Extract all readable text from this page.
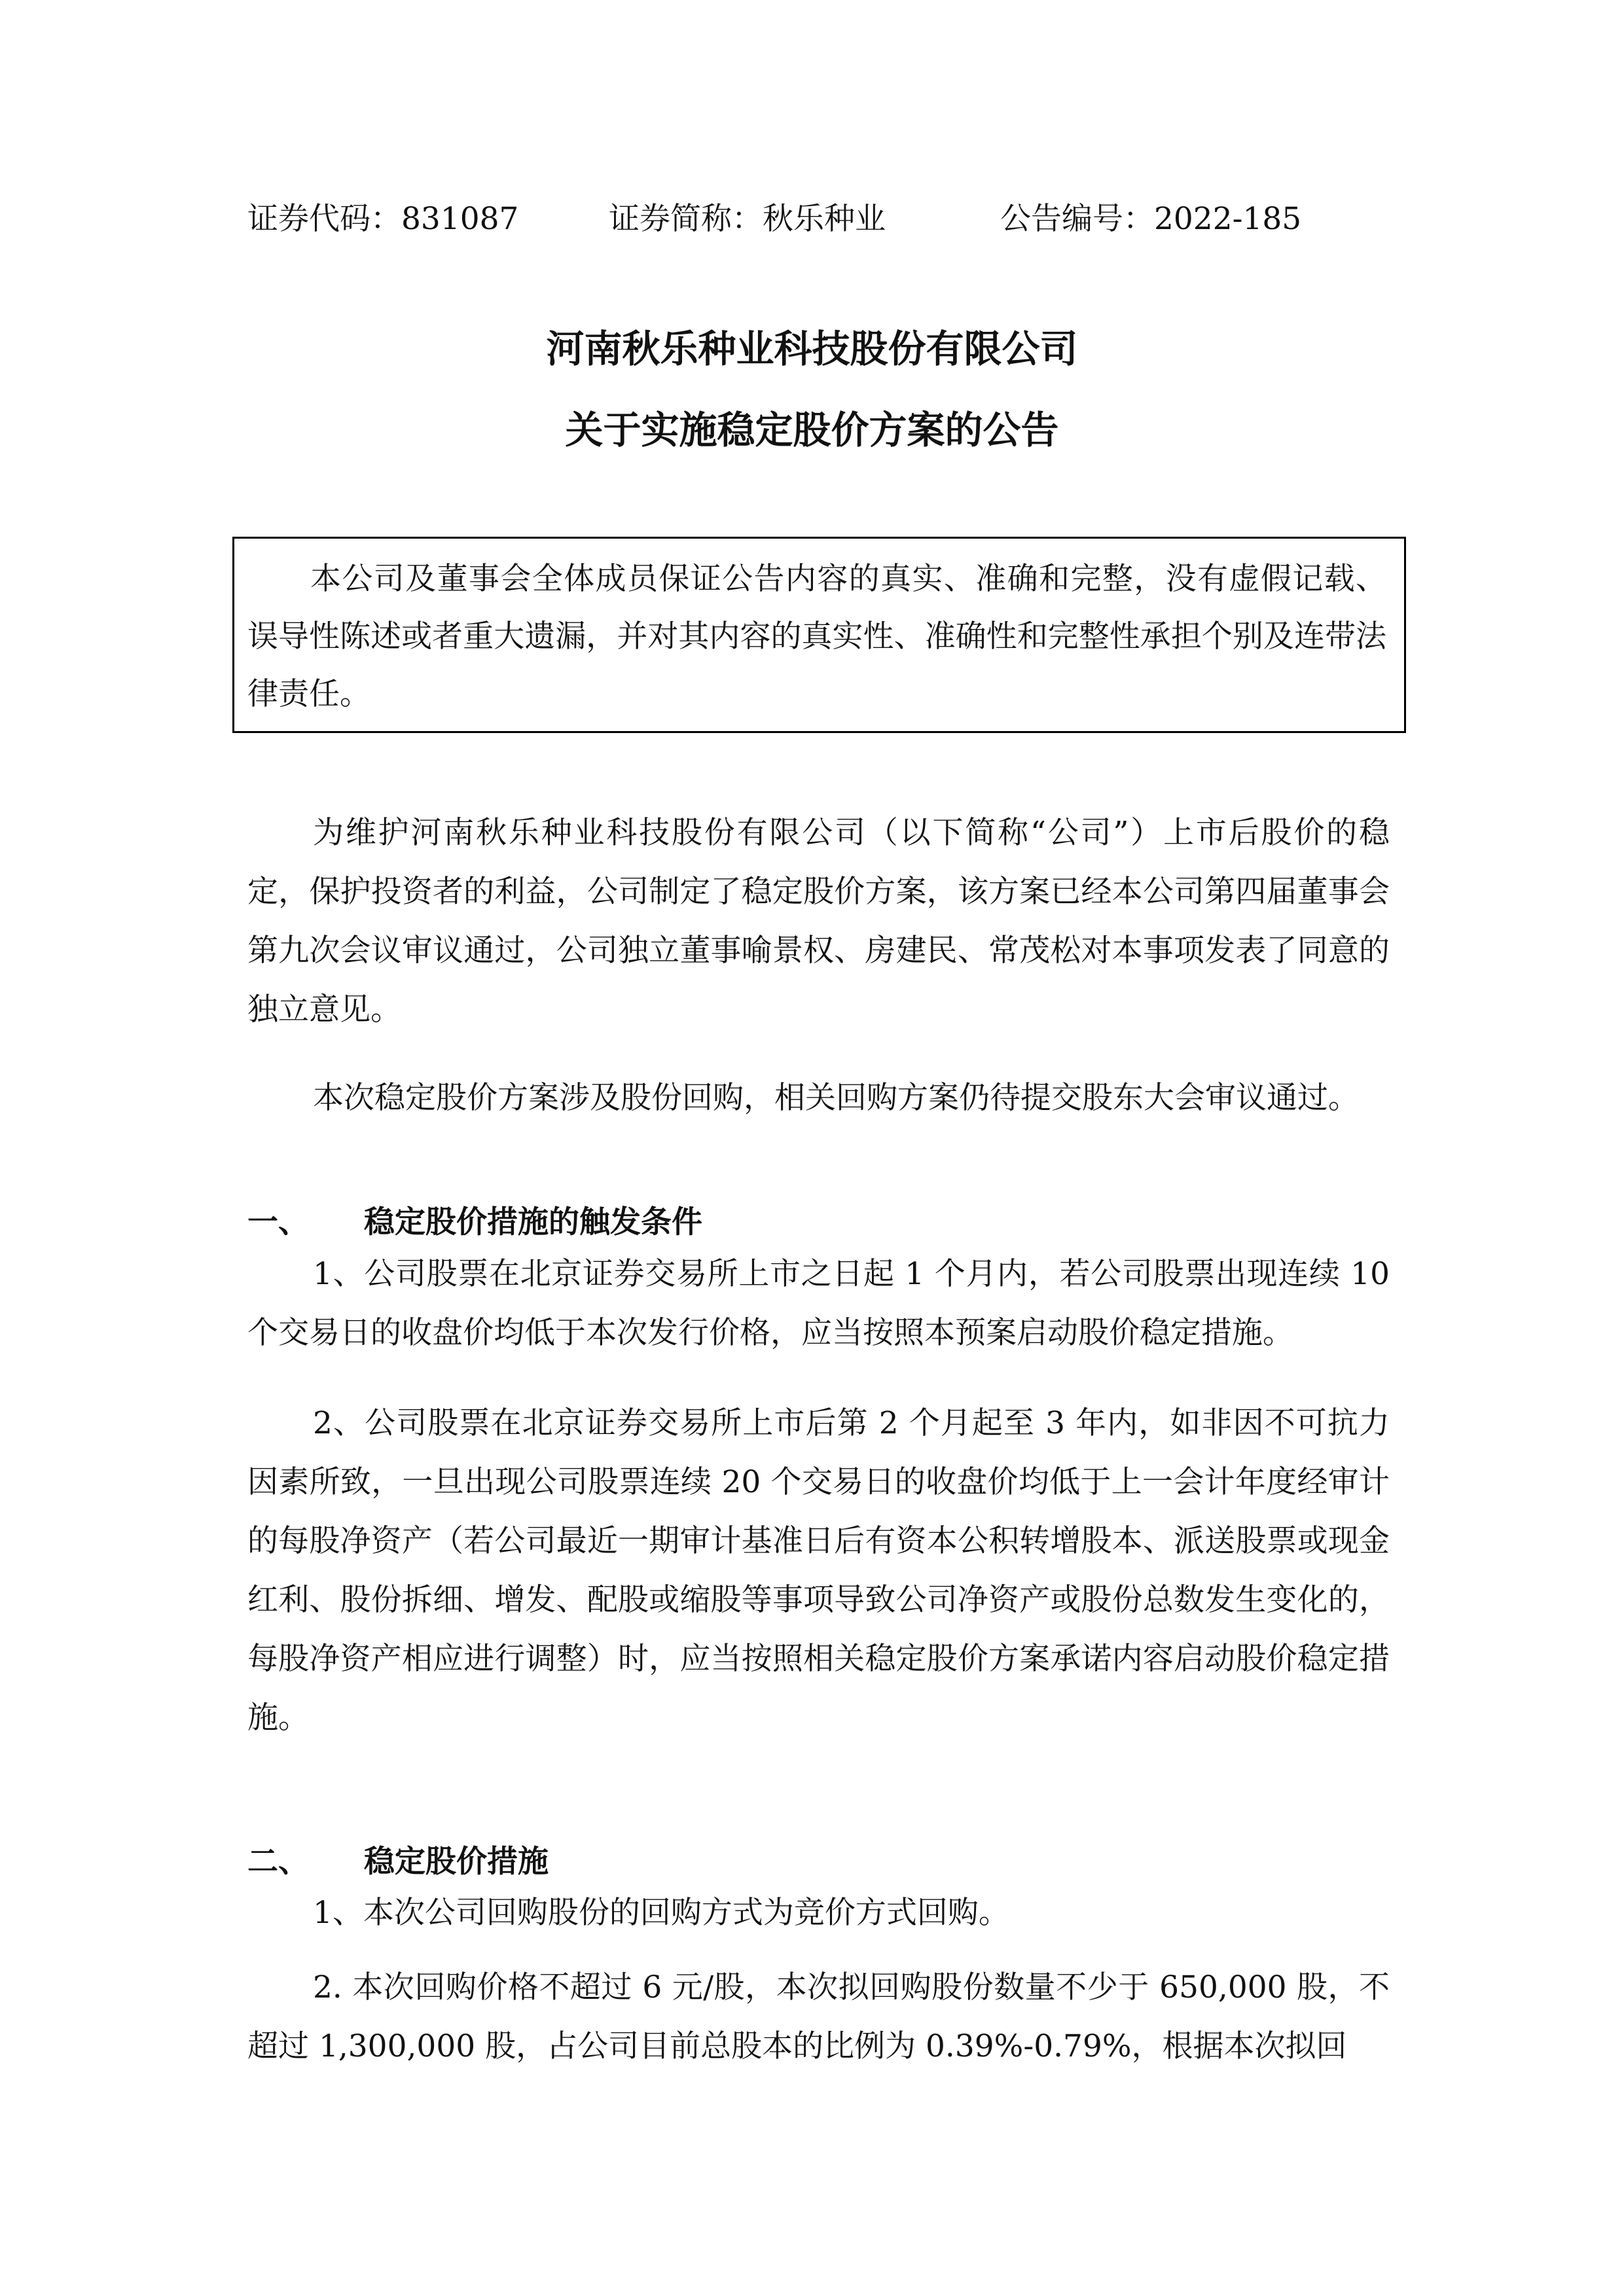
证券代码：831087	证券简称：秋乐种业	公告编号：2022-185
河南秋乐种业科技股份有限公司
关于实施稳定股价方案的公告
本公司及董事会全体成员保证公告内容的真实、准确和完整，没有虚假记载、误导性陈述或者重大遗漏，并对其内容的真实性、准确性和完整性承担个别及连带法律责任。

为维护河南秋乐种业科技股份有限公司（以下简称“公司”）上市后股价的稳定，保护投资者的利益，公司制定了稳定股价方案，该方案已经本公司第四届董事会第九次会议审议通过，公司独立董事喻景权、房建民、常茂松对本事项发表了同意的独立意见。

本次稳定股价方案涉及股份回购，相关回购方案仍待提交股东大会审议通过。

一、 稳定股价措施的触发条件

1、公司股票在北京证券交易所上市之日起 1 个月内，若公司股票出现连续 10 个交易日的收盘价均低于本次发行价格，应当按照本预案启动股价稳定措施。

2、公司股票在北京证券交易所上市后第 2 个月起至 3 年内，如非因不可抗力因素所致，一旦出现公司股票连续 20 个交易日的收盘价均低于上一会计年度经审计的每股净资产（若公司最近一期审计基准日后有资本公积转增股本、派送股票或现金红利、股份拆细、增发、配股或缩股等事项导致公司净资产或股份总数发生变化的，每股净资产相应进行调整）时，应当按照相关稳定股价方案承诺内容启动股价稳定措施。

二、 稳定股价措施

1、本次公司回购股份的回购方式为竞价方式回购。

2. 本次回购价格不超过 6 元/股，本次拟回购股份数量不少于 650,000 股，不超过 1,300,000 股，占公司目前总股本的比例为 0.39%-0.79%，根据本次拟回
